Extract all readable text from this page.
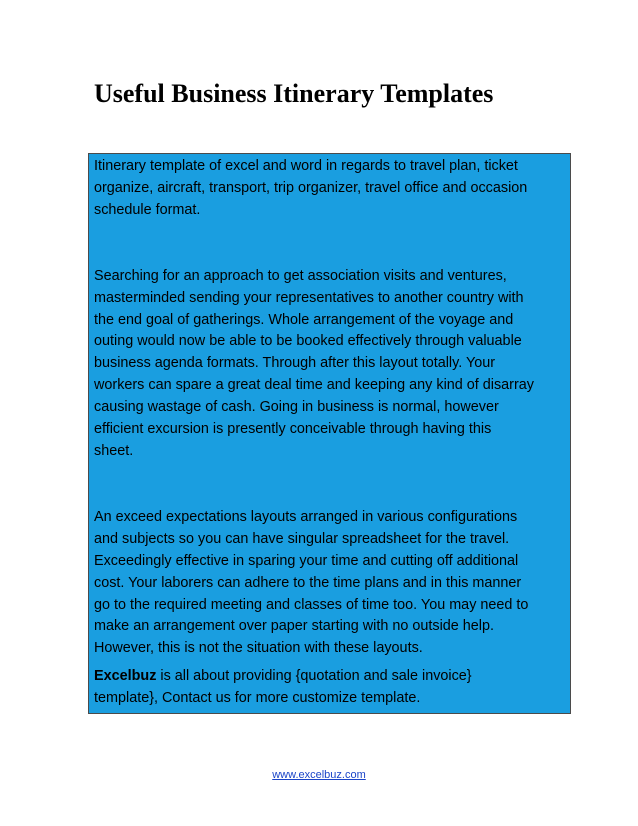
Useful Business Itinerary Templates

Itinerary template of excel and word in regards to travel plan, ticket

organize, aircraft, transport, trip organizer, travel office and occasion

schedule format.

Searching for an approach to get association visits and ventures,

masterminded sending your representatives to another country with

the end goal of gatherings. Whole arrangement of the voyage and

outing would now be able to be booked effectively through valuable

business agenda formats. Through after this layout totally. Your

workers can spare a great deal time and keeping any kind of disarray

causing wastage of cash. Going in business is normal, however

efficient excursion is presently conceivable through having this

sheet.

An exceed expectations layouts arranged in various configurations

and subjects so you can have singular spreadsheet for the travel.

Exceedingly effective in sparing your time and cutting off additional

cost. Your laborers can adhere to the time plans and in this manner

go to the required meeting and classes of time too. You may need to

make an arrangement over paper starting with no outside help.

However, this is not the situation with these layouts.

Excelbuz is all about providing {quotation and sale invoice}

template}, Contact us for more customize template.

www.excelbuz.com
